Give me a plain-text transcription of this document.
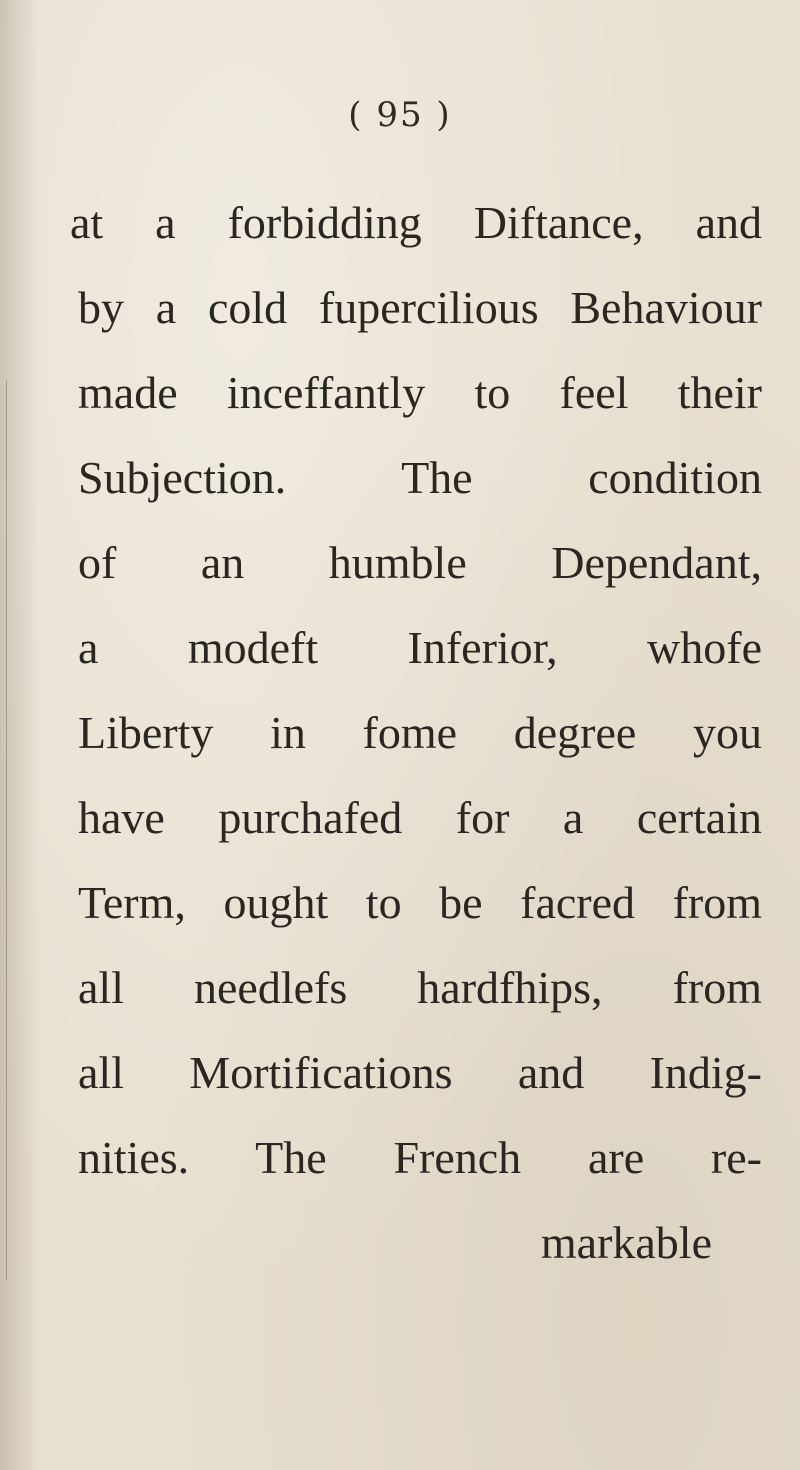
( 95 )
at a forbidding Diftance, and
by a cold fupercilious Behaviour
made inceffantly to feel their
Subjection. The condition
of an humble Dependant,
a modeft Inferior, whofe
Liberty in fome degree you
have purchafed for a certain
Term, ought to be facred from
all needlefs hardfhips, from
all Mortifications and Indig-
nities. The French are re-
markable
